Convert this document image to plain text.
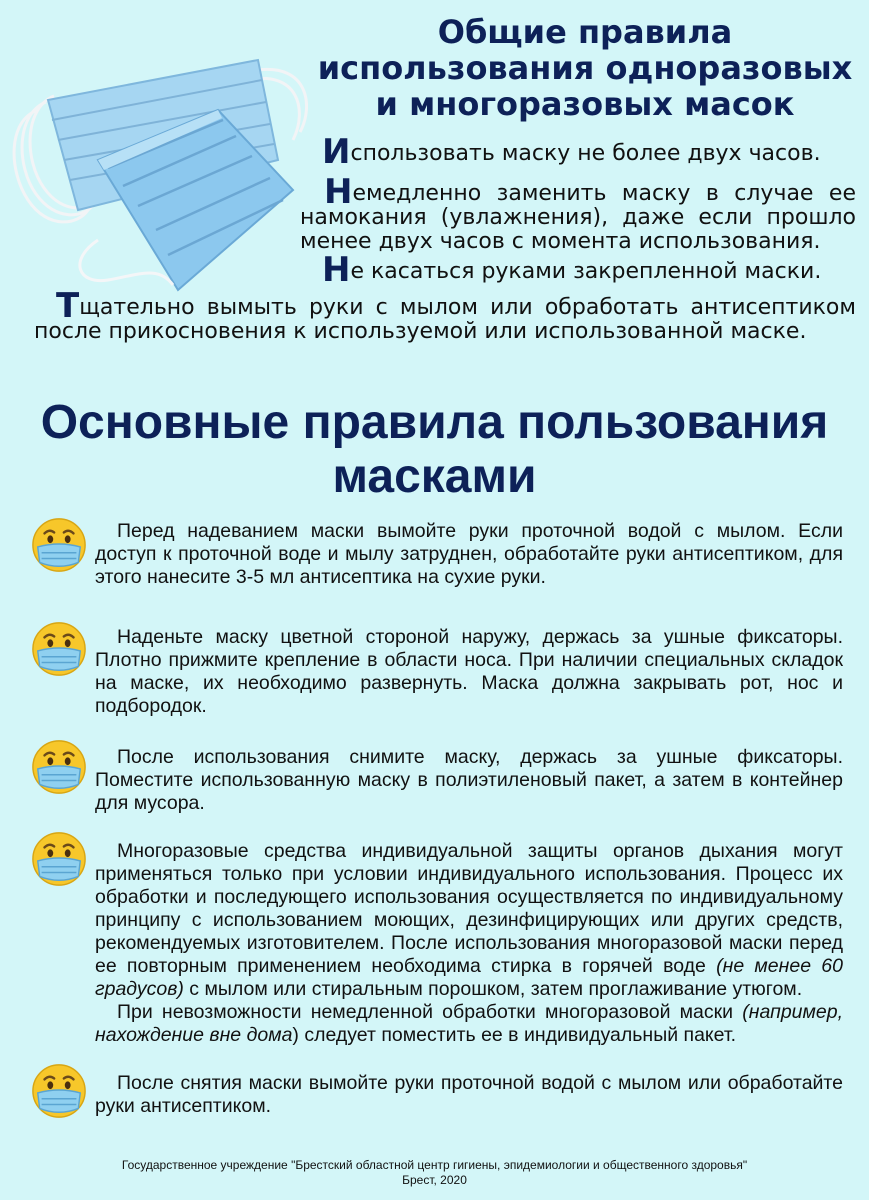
Общие правила
использования одноразовых
и многоразовых масок

Использовать маску не более двух часов.

Немедленно заменить маску в случае ее намокания (увлажнения), даже если прошло менее двух часов с момента использования.

Не касаться руками закрепленной маски.

Тщательно вымыть руки с мылом или обработать антисептиком после прикосновения к используемой или использованной маске.

Основные правила пользования
масками

Перед надеванием маски вымойте руки проточной водой с мылом. Если доступ к проточной воде и мылу затруднен, обработайте руки антисептиком, для этого нанесите 3-5 мл антисептика на сухие руки.

Наденьте маску цветной стороной наружу, держась за ушные фиксаторы. Плотно прижмите крепление в области носа. При наличии специальных складок на маске, их необходимо развернуть. Маска должна закрывать рот, нос и подбородок.

После использования снимите маску, держась за ушные фиксаторы. Поместите использованную маску в полиэтиленовый пакет, а затем в контейнер для мусора.

Многоразовые средства индивидуальной защиты органов дыхания могут применяться только при условии индивидуального использования. Процесс их обработки и последующего использования осуществляется по индивидуальному принципу с использованием моющих, дезинфицирующих или других средств, рекомендуемых изготовителем. После использования многоразовой маски перед ее повторным применением необходима стирка в горячей воде (не менее 60 градусов) с мылом или стиральным порошком, затем проглаживание утюгом.
При невозможности немедленной обработки многоразовой маски (например, нахождение вне дома) следует поместить ее в индивидуальный пакет.

После снятия маски вымойте руки проточной водой с мылом или обработайте руки антисептиком.

Государственное учреждение "Брестский областной центр гигиены, эпидемиологии и общественного здоровья"
Брест, 2020
